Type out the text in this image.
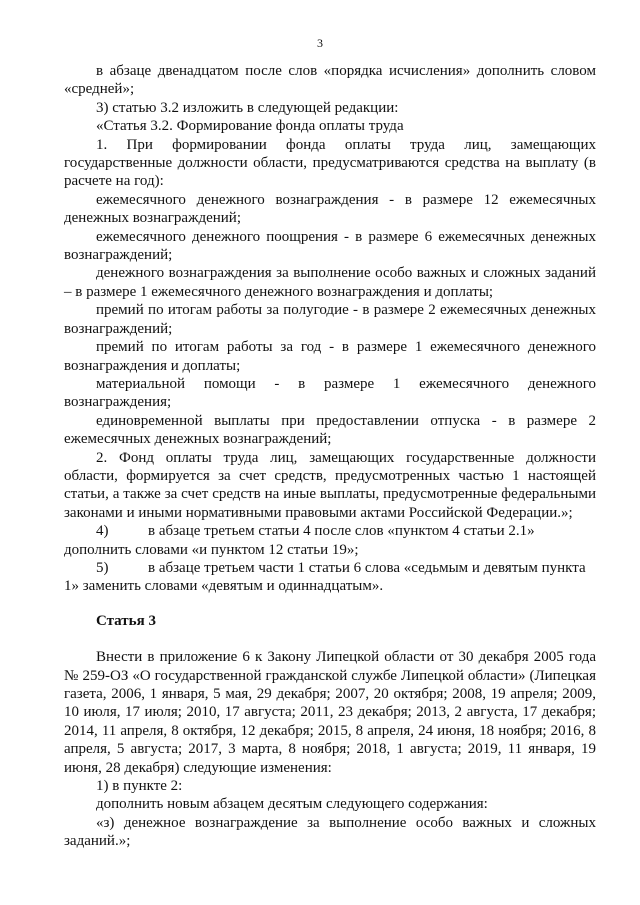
3

в абзаце двенадцатом после слов «порядка исчисления» дополнить словом «средней»;

3) статью 3.2 изложить в следующей редакции:

«Статья 3.2. Формирование фонда оплаты труда

1. При формировании фонда оплаты труда лиц, замещающих государственные должности области, предусматриваются средства на выплату (в расчете на год):

ежемесячного денежного вознаграждения - в размере 12 ежемесячных денежных вознаграждений;

ежемесячного денежного поощрения - в размере 6 ежемесячных денежных вознаграждений;

денежного вознаграждения за выполнение особо важных и сложных заданий – в размере 1 ежемесячного денежного вознаграждения и доплаты;

премий по итогам работы за полугодие - в размере 2 ежемесячных денежных вознаграждений;

премий по итогам работы за год - в размере 1 ежемесячного денежного вознаграждения и доплаты;

материальной помощи - в размере 1 ежемесячного денежного вознаграждения;

единовременной выплаты при предоставлении отпуска - в размере 2 ежемесячных денежных вознаграждений;

2. Фонд оплаты труда лиц, замещающих государственные должности области, формируется за счет средств, предусмотренных частью 1 настоящей статьи, а также за счет средств на иные выплаты, предусмотренные федеральными законами и иными нормативными правовыми актами Российской Федерации.»;

4)	в абзаце третьем статьи 4 после слов «пунктом 4 статьи 2.1»

дополнить словами «и пунктом 12 статьи 19»;

5)	в абзаце третьем части 1 статьи 6 слова «седьмым и девятым пункта

1» заменить словами «девятым и одиннадцатым».

Статья 3

Внести в приложение 6 к Закону Липецкой области от 30 декабря 2005 года № 259-ОЗ «О государственной гражданской службе Липецкой области» (Липецкая газета, 2006, 1 января, 5 мая, 29 декабря; 2007, 20 октября; 2008, 19 апреля; 2009, 10 июля, 17 июля; 2010, 17 августа; 2011, 23 декабря; 2013, 2 августа, 17 декабря; 2014, 11 апреля, 8 октября, 12 декабря; 2015, 8 апреля, 24 июня, 18 ноября; 2016, 8 апреля, 5 августа; 2017, 3 марта, 8 ноября; 2018, 1 августа; 2019, 11 января, 19 июня, 28 декабря) следующие изменения:

1) в пункте 2:

дополнить новым абзацем десятым следующего содержания:

«з) денежное вознаграждение за выполнение особо важных и сложных заданий.»;
